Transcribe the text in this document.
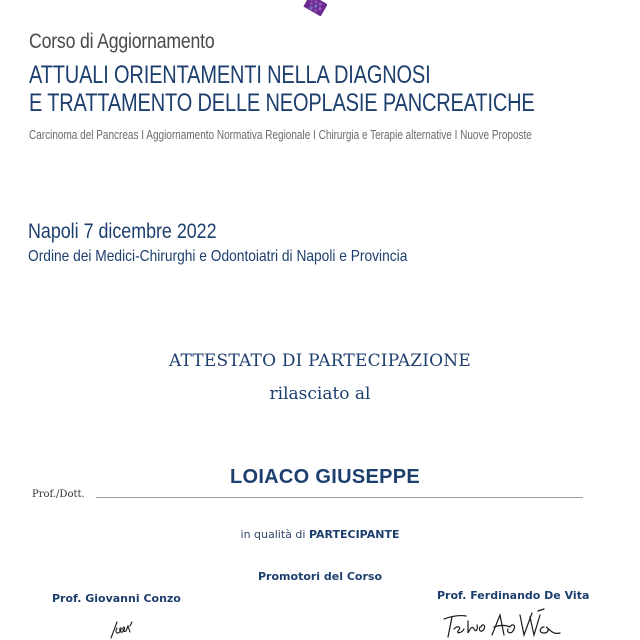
Corso di Aggiornamento
ATTUALI ORIENTAMENTI NELLA DIAGNOSI
E TRATTAMENTO DELLE NEOPLASIE PANCREATICHE
Carcinoma del Pancreas I Aggiornamento Normativa Regionale I Chirurgia e Terapie alternative I Nuove Proposte
Napoli 7 dicembre 2022
Ordine dei Medici-Chirurghi e Odontoiatri di Napoli e Provincia
ATTESTATO DI PARTECIPAZIONE
rilasciato al
LOIACO GIUSEPPE
Prof./Dott.
in qualità di PARTECIPANTE
Promotori del Corso
Prof. Giovanni Conzo	Prof. Ferdinando De Vita
